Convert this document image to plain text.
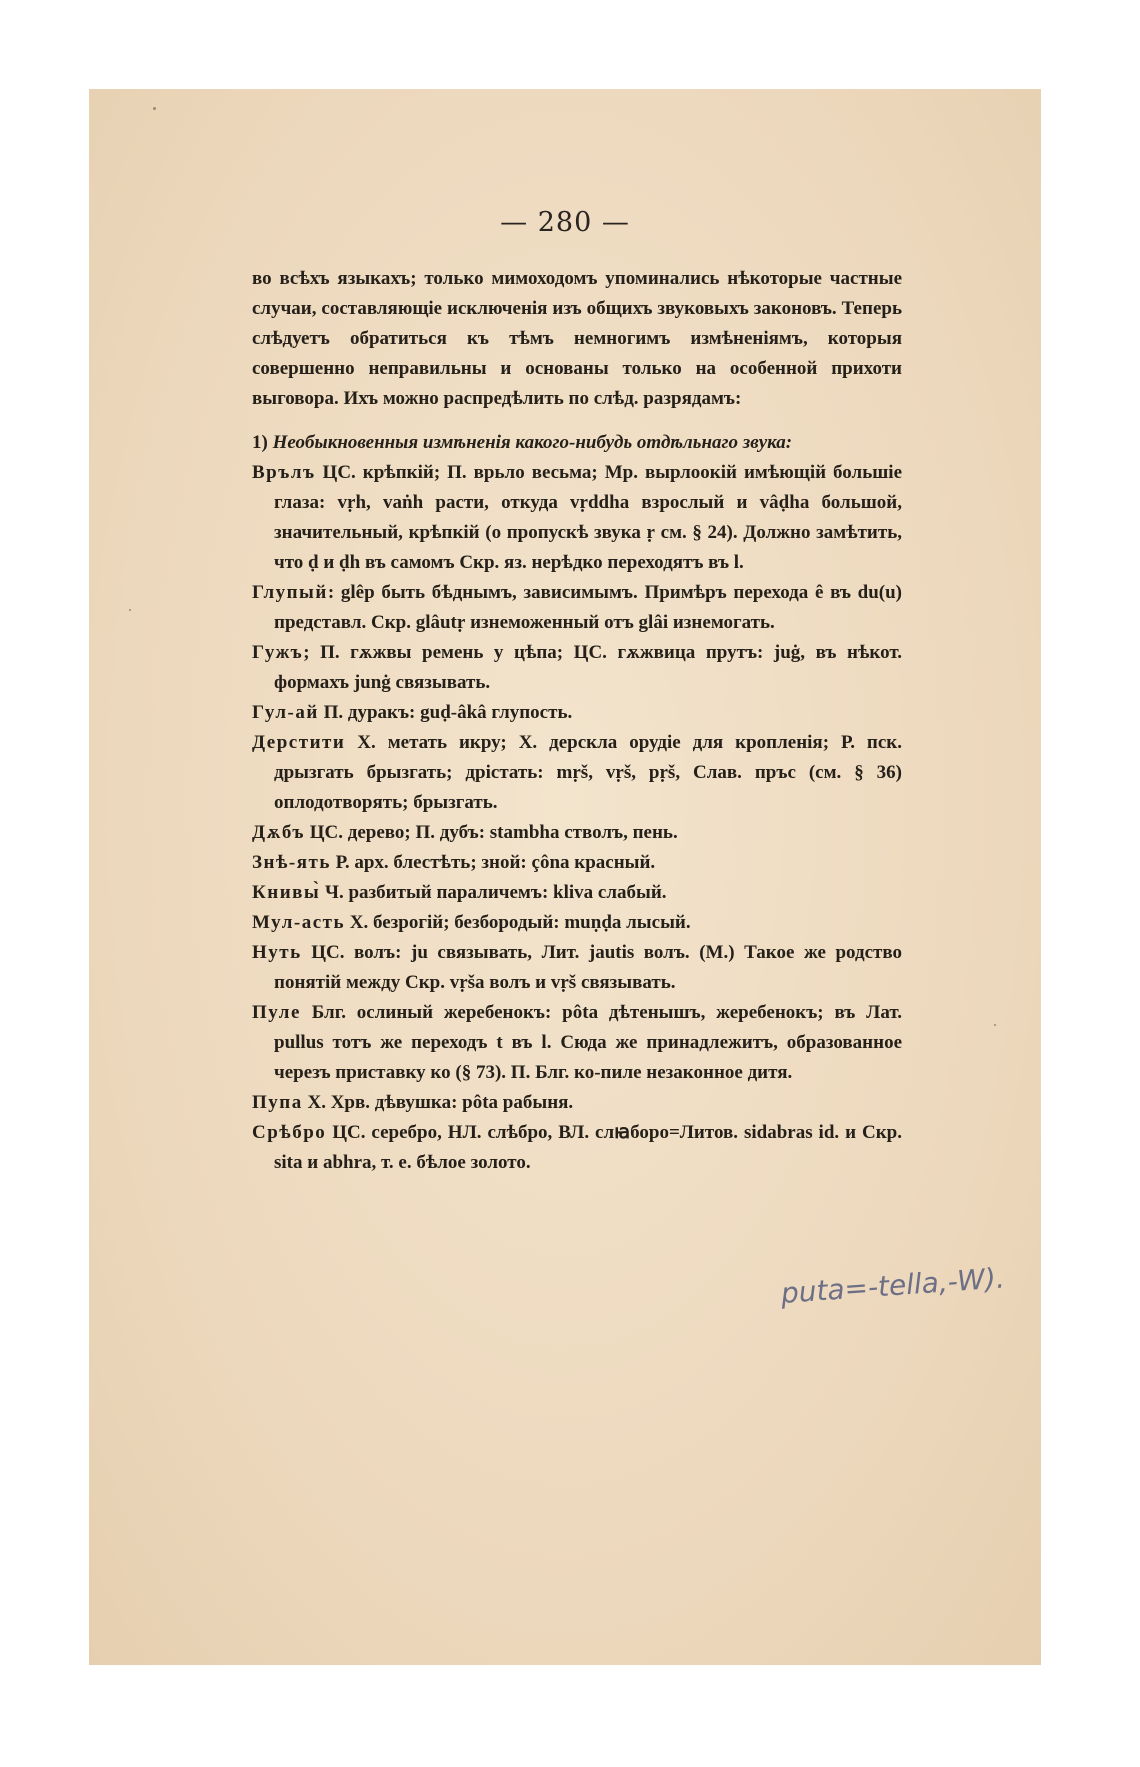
— 280 —

во всѣхъ языкахъ; только мимоходомъ упоминались нѣкоторые частные случаи, составляющіе исключенія изъ общихъ звуковыхъ законовъ. Теперь слѣдуетъ обратиться къ тѣмъ немногимъ измѣненіямъ, которыя совершенно неправильны и основаны только на особенной прихоти выговора. Ихъ можно распредѣлить по слѣд. разрядамъ:

1) Необыкновенныя измѣненія какого-нибудь отдѣльнаго звука:

Врълъ ЦС. крѣпкій; П. врьло весьма; Мр. вырлоокій имѣющій большіе глаза: vṛh, vaṅh расти, откуда vṛddha взрослый и vâḍha большой, значительный, крѣпкій (о пропускѣ звука ṛ см. § 24). Должно замѣтить, что ḍ и ḍh въ самомъ Скр. яз. нерѣдко переходятъ въ l.

Глупый: glêp быть бѣднымъ, зависимымъ. Примѣръ перехода ê въ du(u) представл. Скр. glâutṛ изнеможенный отъ glâi изнемогать.

Гужъ; П. гѫжвы ремень у цѣпа; ЦС. гѫжвица прутъ: juġ, въ нѣкот. формахъ junġ связывать.

Гул-ай П. дуракъ: guḍ-âkâ глупость.

Дерстити Х. метать икру; Х. дерскла орудіе для кропленія; Р. пск. дрызгать брызгать; дрістать: mṛš, vṛš, pṛš, Слав. пръс (см. § 36) оплодотворять; брызгать.

Дѫбъ ЦС. дерево; П. дубъ: stambha стволъ, пень.

Знѣ-ять Р. арх. блестѣть; зной: çôna красный.

Книвы̀ Ч. разбитый параличемъ: kliva слабый.

Мул-асть Х. безрогій; безбородый: muṇḍa лысый.

Нуть ЦС. волъ: ju связывать, Лит. jautis волъ. (М.) Такое же родство понятій между Скр. vṛša волъ и vṛš связывать.

Пуле Блг. ослиный жеребенокъ: pôta дѣтенышъ, жеребенокъ; въ Лат. pullus тотъ же переходъ t въ l. Сюда же принадлежитъ, образованное черезъ приставку ко (§ 73). П. Блг. ко-пиле незаконное дитя.

Пупа Х. Хрв. дѣвушка: pôta рабыня.

Срѣбро ЦС. серебро, НЛ. слѣбро, ВЛ. слꙗборо=Литов. sidabras id. и Скр. sita и abhra, т. е. бѣлое золото.

puta=-tella,-W).
